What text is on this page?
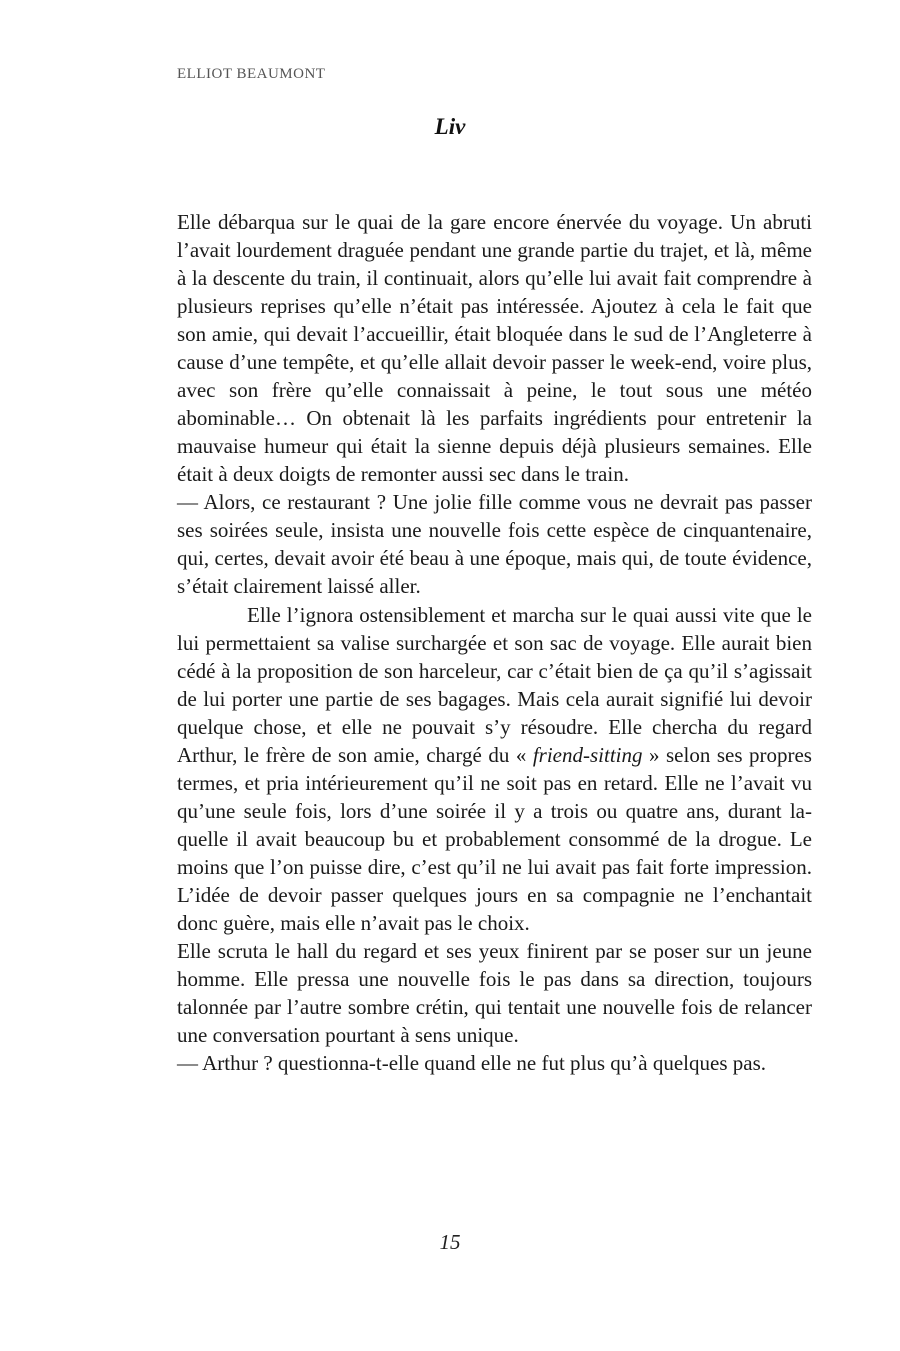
ELLIOT BEAUMONT
Liv

Elle débarqua sur le quai de la gare encore énervée du voyage. Un abruti l’avait lourdement draguée pendant une grande partie du trajet, et là, même à la descente du train, il continuait, alors qu’elle lui avait fait comprendre à plusieurs reprises qu’elle n’était pas intéressée. Ajoutez à cela le fait que son amie, qui devait l’accueillir, était bloquée dans le sud de l’Angleterre à cause d’une tempête, et qu’elle allait devoir passer le week-end, voire plus, avec son frère qu’elle connaissait à peine, le tout sous une météo abominable… On obtenait là les parfaits ingrédients pour entretenir la mauvaise humeur qui était la sienne depuis déjà plusieurs semaines. Elle était à deux doigts de remonter aussi sec dans le train.

— Alors, ce restaurant ? Une jolie fille comme vous ne devrait pas passer ses soirées seule, insista une nouvelle fois cette espèce de cinquantenaire, qui, certes, devait avoir été beau à une époque, mais qui, de toute évidence, s’était clairement laissé aller.

Elle l’ignora ostensiblement et marcha sur le quai aussi vite que le lui permettaient sa valise surchargée et son sac de voyage. Elle aurait bien cédé à la proposition de son harceleur, car c’était bien de ça qu’il s’agissait de lui porter une partie de ses bagages. Mais cela aurait signifié lui devoir quelque chose, et elle ne pouvait s’y résoudre. Elle chercha du regard Arthur, le frère de son amie, chargé du « friend-sitting » selon ses propres termes, et pria intérieurement qu’il ne soit pas en retard. Elle ne l’avait vu qu’une seule fois, lors d’une soirée il y a trois ou quatre ans, durant laquelle il avait beaucoup bu et probablement consommé de la drogue. Le moins que l’on puisse dire, c’est qu’il ne lui avait pas fait forte impression. L’idée de devoir passer quelques jours en sa compagnie ne l’enchantait donc guère, mais elle n’avait pas le choix.

Elle scruta le hall du regard et ses yeux finirent par se poser sur un jeune homme. Elle pressa une nouvelle fois le pas dans sa direction, toujours talonnée par l’autre sombre crétin, qui tentait une nouvelle fois de relancer une conversation pourtant à sens unique.

— Arthur ? questionna-t-elle quand elle ne fut plus qu’à quelques pas.

15
